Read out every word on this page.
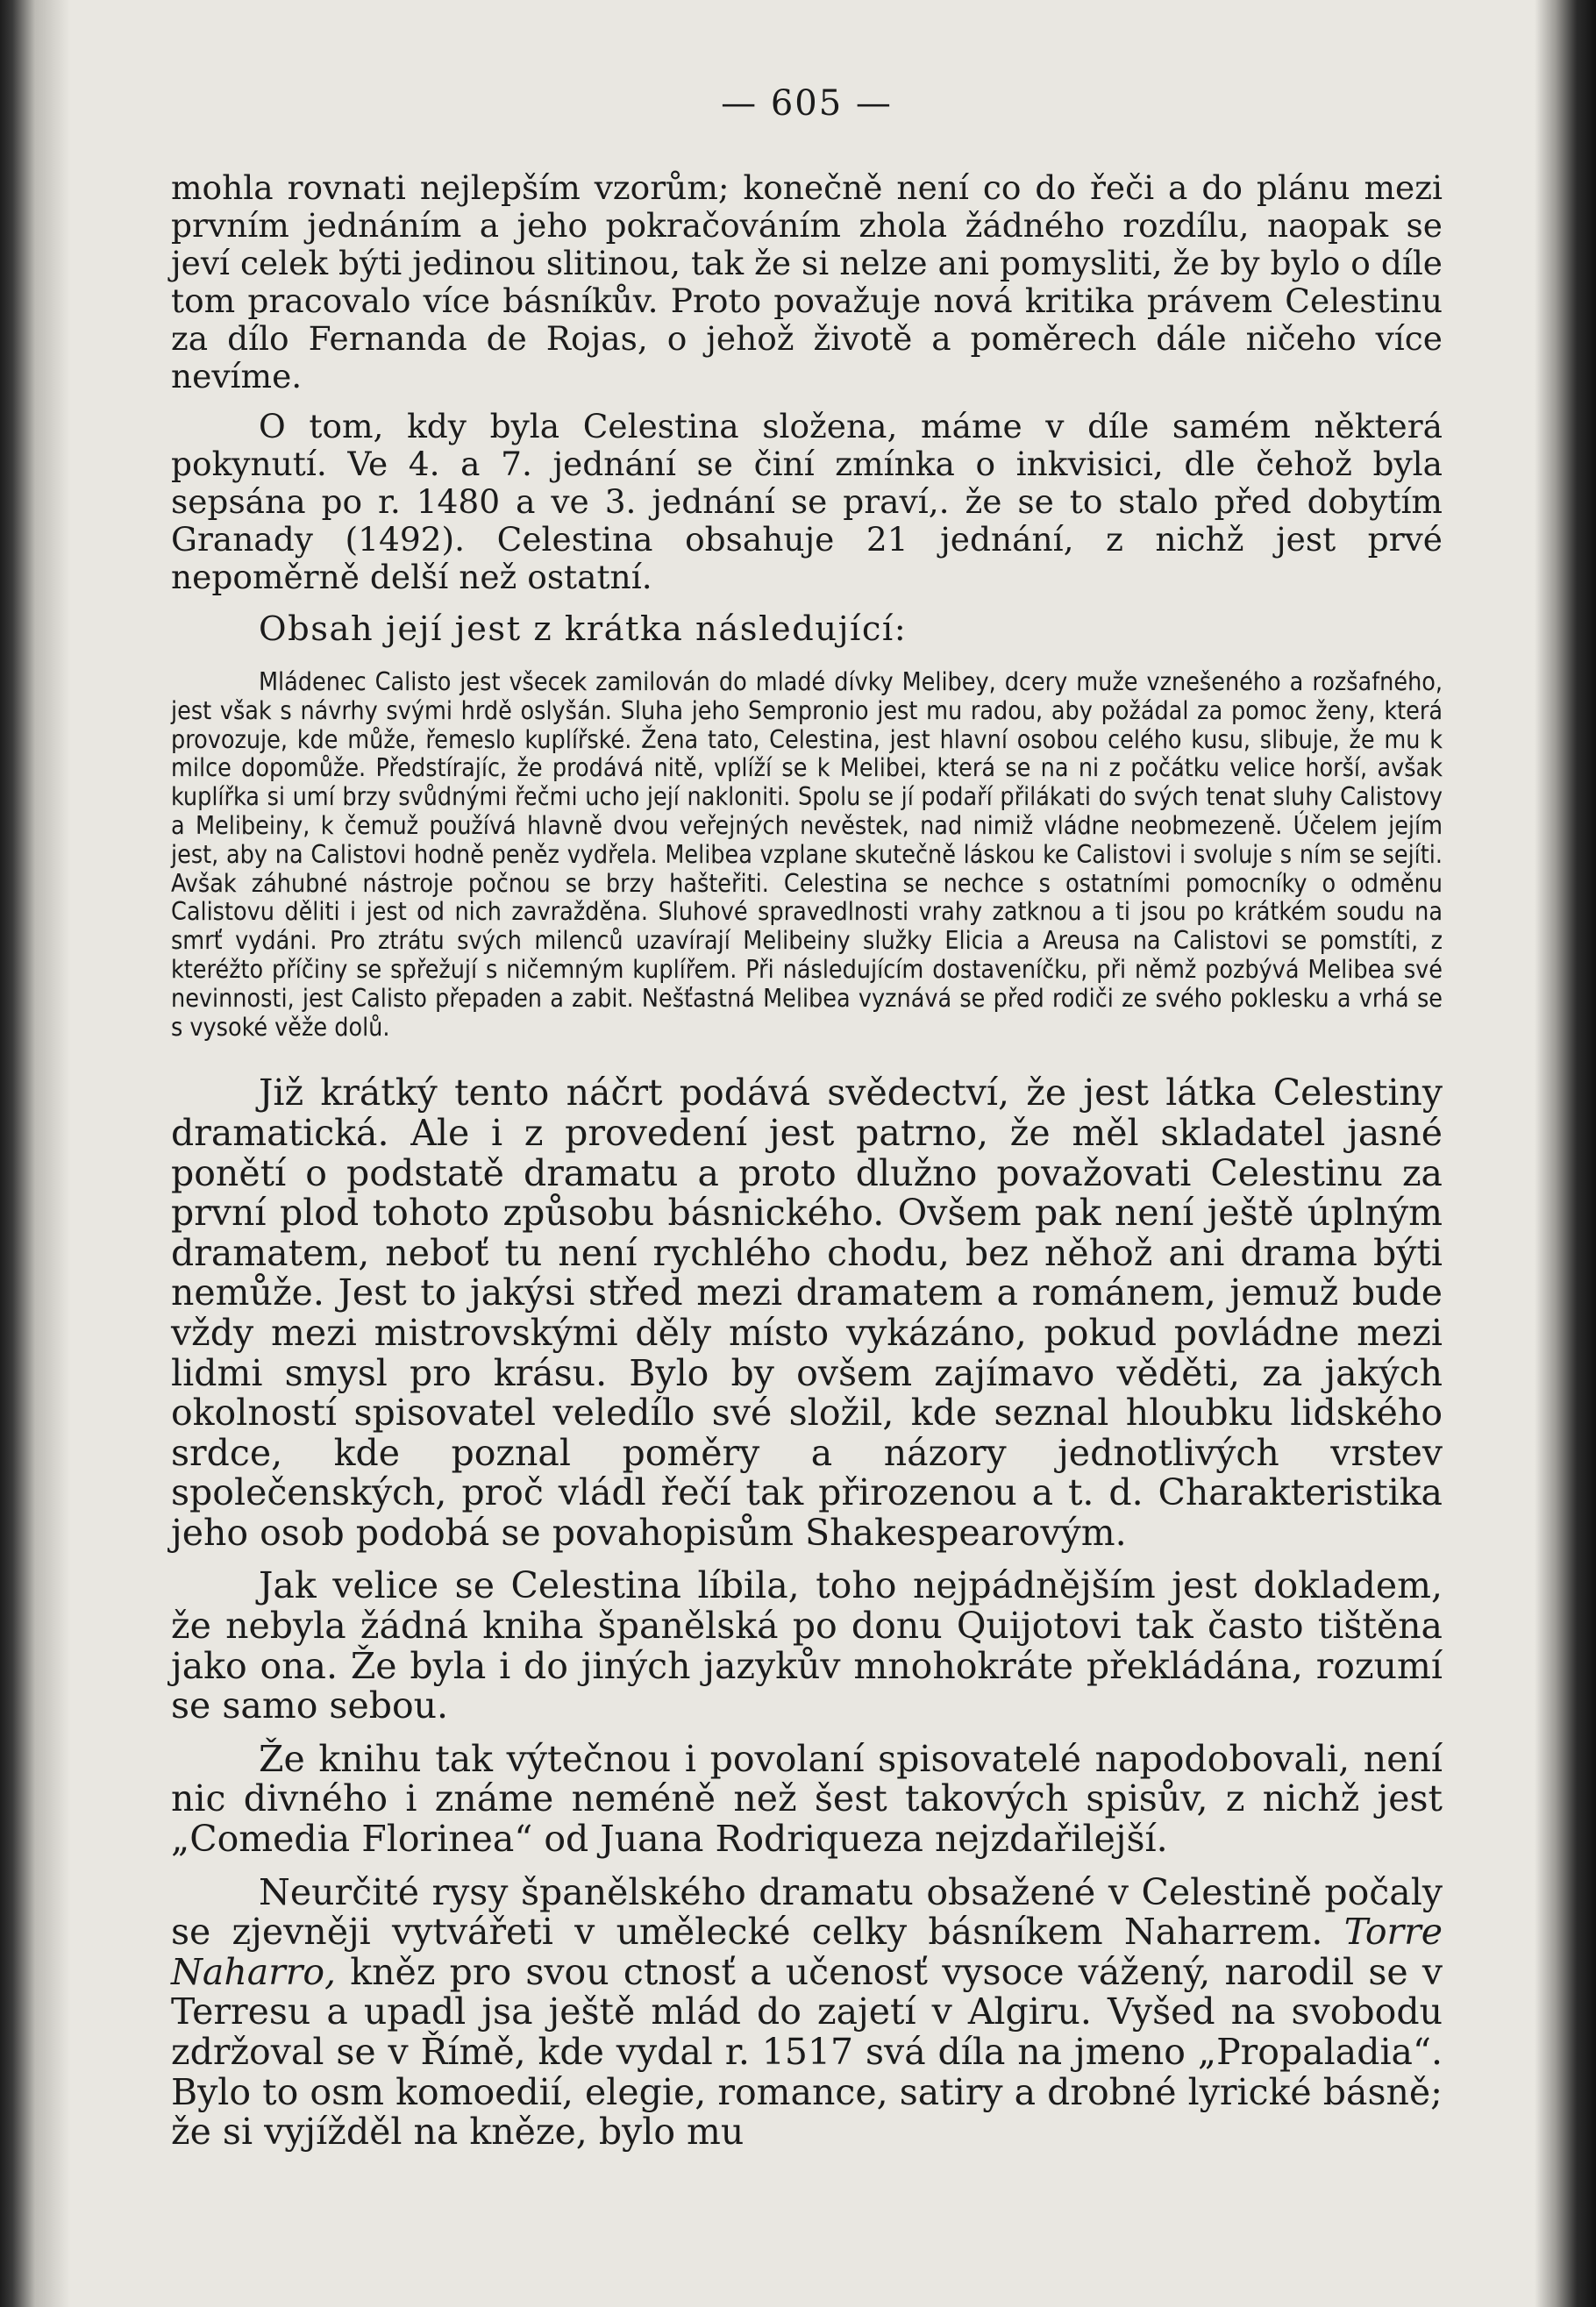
— 605 —

mohla rovnati nejlepším vzorům; konečně není co do řeči a do plánu mezi prvním jednáním a jeho pokračováním zhola žádného rozdílu, naopak se jeví celek býti jedinou slitinou, tak že si nelze ani pomysliti, že by bylo o díle tom pracovalo více básníkův. Proto považuje nová kritika právem Celestinu za dílo Fernanda de Rojas, o jehož životě a poměrech dále ničeho více nevíme.

O tom, kdy byla Celestina složena, máme v díle samém některá pokynutí. Ve 4. a 7. jednání se činí zmínka o inkvisici, dle čehož byla sepsána po r. 1480 a ve 3. jednání se praví,. že se to stalo před dobytím Granady (1492). Celestina obsahuje 21 jednání, z nichž jest prvé nepoměrně delší než ostatní.

Obsah její jest z krátka následující:
Mládenec Calisto jest všecek zamilován do mladé dívky Melibey, dcery muže vznešeného a rozšafného, jest však s návrhy svými hrdě oslyšán. Sluha jeho Sempronio jest mu radou, aby požádal za pomoc ženy, která provozuje, kde může, řemeslo kuplířské. Žena tato, Celestina, jest hlavní osobou celého kusu, slibuje, že mu k milce dopomůže. Předstírajíc, že prodává nitě, vplíží se k Melibei, která se na ni z počátku velice horší, avšak kuplířka si umí brzy svůdnými řečmi ucho její nakloniti. Spolu se jí podaří přilákati do svých tenat sluhy Calistovy a Melibeiny, k čemuž používá hlavně dvou veřejných nevěstek, nad nimiž vládne neobmezeně. Účelem jejím jest, aby na Calistovi hodně peněz vydřela. Melibea vzplane skutečně láskou ke Calistovi i svoluje s ním se sejíti. Avšak záhubné nástroje počnou se brzy hašteřiti. Celestina se nechce s ostatními pomocníky o odměnu Calistovu děliti i jest od nich zavražděna. Sluhové spravedlnosti vrahy zatknou a ti jsou po krátkém soudu na smrť vydáni. Pro ztrátu svých milenců uzavírají Melibeiny služky Elicia a Areusa na Calistovi se pomstíti, z kteréžto příčiny se spřežují s ničemným kuplířem. Při následujícím dostaveníčku, při němž pozbývá Melibea své nevinnosti, jest Calisto přepaden a zabit. Nešťastná Melibea vyznává se před rodiči ze svého poklesku a vrhá se s vysoké věže dolů.

Již krátký tento náčrt podává svědectví, že jest látka Celestiny dramatická. Ale i z provedení jest patrno, že měl skladatel jasné ponětí o podstatě dramatu a proto dlužno považovati Celestinu za první plod tohoto způsobu básnického. Ovšem pak není ještě úplným dramatem, neboť tu není rychlého chodu, bez něhož ani drama býti nemůže. Jest to jakýsi střed mezi dramatem a románem, jemuž bude vždy mezi mistrovskými děly místo vykázáno, pokud povládne mezi lidmi smysl pro krásu. Bylo by ovšem zajímavo věděti, za jakých okolností spisovatel veledílo své složil, kde seznal hloubku lidského srdce, kde poznal poměry a názory jednotlivých vrstev společenských, proč vládl řečí tak přirozenou a t. d. Charakteristika jeho osob podobá se povahopisům Shakespearovým.

Jak velice se Celestina líbila, toho nejpádnějším jest dokladem, že nebyla žádná kniha španělská po donu Quijotovi tak často tištěna jako ona. Že byla i do jiných jazykův mnohokráte překládána, rozumí se samo sebou.

Že knihu tak výtečnou i povolaní spisovatelé napodobovali, není nic divného i známe neméně než šest takových spisův, z nichž jest „Comedia Florinea“ od Juana Rodriqueza nejzdařilejší.

Neurčité rysy španělského dramatu obsažené v Celestině počaly se zjevněji vytvářeti v umělecké celky básníkem Naharrem. Torre Naharro, kněz pro svou ctnosť a učenosť vysoce vážený, narodil se v Terresu a upadl jsa ještě mlád do zajetí v Algiru. Vyšed na svobodu zdržoval se v Římě, kde vydal r. 1517 svá díla na jmeno „Propaladia“. Bylo to osm komoedií, elegie, romance, satiry a drobné lyrické básně; že si vyjížděl na kněze, bylo mu
